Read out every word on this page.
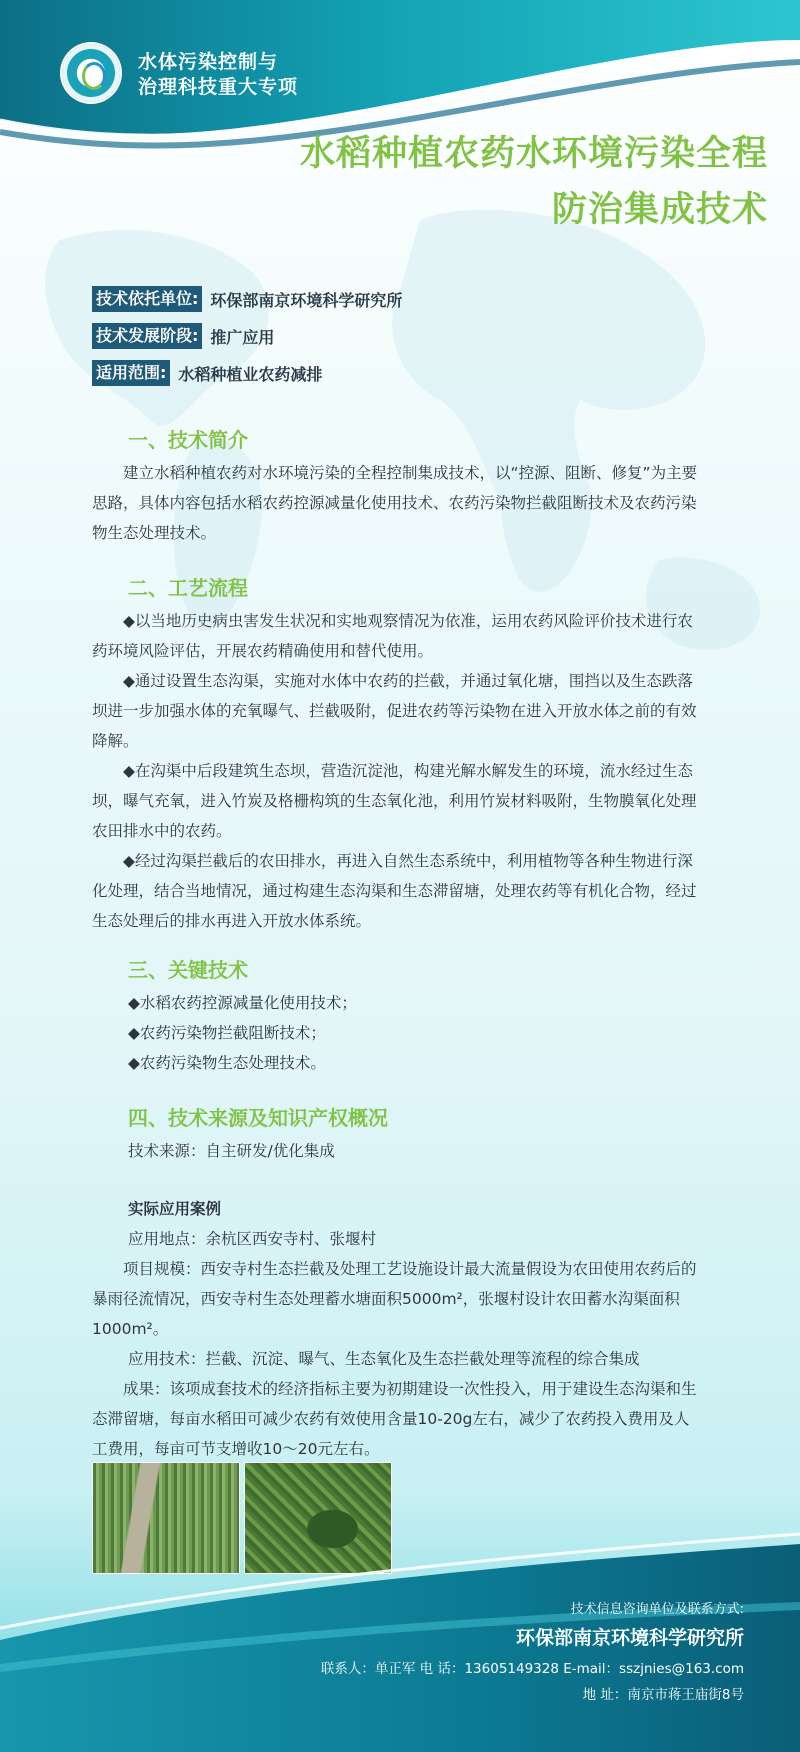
水体污染控制与
治理科技重大专项
水稻种植农药水环境污染全程
防治集成技术
技术依托单位: 环保部南京环境科学研究所
技术发展阶段: 推广应用
适用范围: 水稻种植业农药减排
一、技术简介

建立水稻种植农药对水环境污染的全程控制集成技术，以“控源、阻断、修复”为主要思路，具体内容包括水稻农药控源减量化使用技术、农药污染物拦截阻断技术及农药污染物生态处理技术。

二、工艺流程

◆以当地历史病虫害发生状况和实地观察情况为依准，运用农药风险评价技术进行农药环境风险评估，开展农药精确使用和替代使用。

◆通过设置生态沟渠，实施对水体中农药的拦截，并通过氧化塘，围挡以及生态跌落坝进一步加强水体的充氧曝气、拦截吸附，促进农药等污染物在进入开放水体之前的有效降解。

◆在沟渠中后段建筑生态坝，营造沉淀池，构建光解水解发生的环境，流水经过生态坝，曝气充氧，进入竹炭及格栅构筑的生态氧化池，利用竹炭材料吸附，生物膜氧化处理农田排水中的农药。

◆经过沟渠拦截后的农田排水，再进入自然生态系统中，利用植物等各种生物进行深化处理，结合当地情况，通过构建生态沟渠和生态滞留塘，处理农药等有机化合物，经过生态处理后的排水再进入开放水体系统。

三、关键技术

◆水稻农药控源减量化使用技术；

◆农药污染物拦截阻断技术；

◆农药污染物生态处理技术。

四、技术来源及知识产权概况

技术来源：自主研发/优化集成

实际应用案例

应用地点：余杭区西安寺村、张堰村

项目规模：西安寺村生态拦截及处理工艺设施设计最大流量假设为农田使用农药后的暴雨径流情况，西安寺村生态处理蓄水塘面积5000m²，张堰村设计农田蓄水沟渠面积1000m²。

应用技术：拦截、沉淀、曝气、生态氧化及生态拦截处理等流程的综合集成

成果：该项成套技术的经济指标主要为初期建设一次性投入，用于建设生态沟渠和生态滞留塘，每亩水稻田可减少农药有效使用含量10-20g左右，减少了农药投入费用及人工费用，每亩可节支增收10～20元左右。

技术信息咨询单位及联系方式:
环保部南京环境科学研究所
联系人：单正军 电 话：13605149328 E-mail：sszjnies@163.com
地 址：南京市蒋王庙街8号
